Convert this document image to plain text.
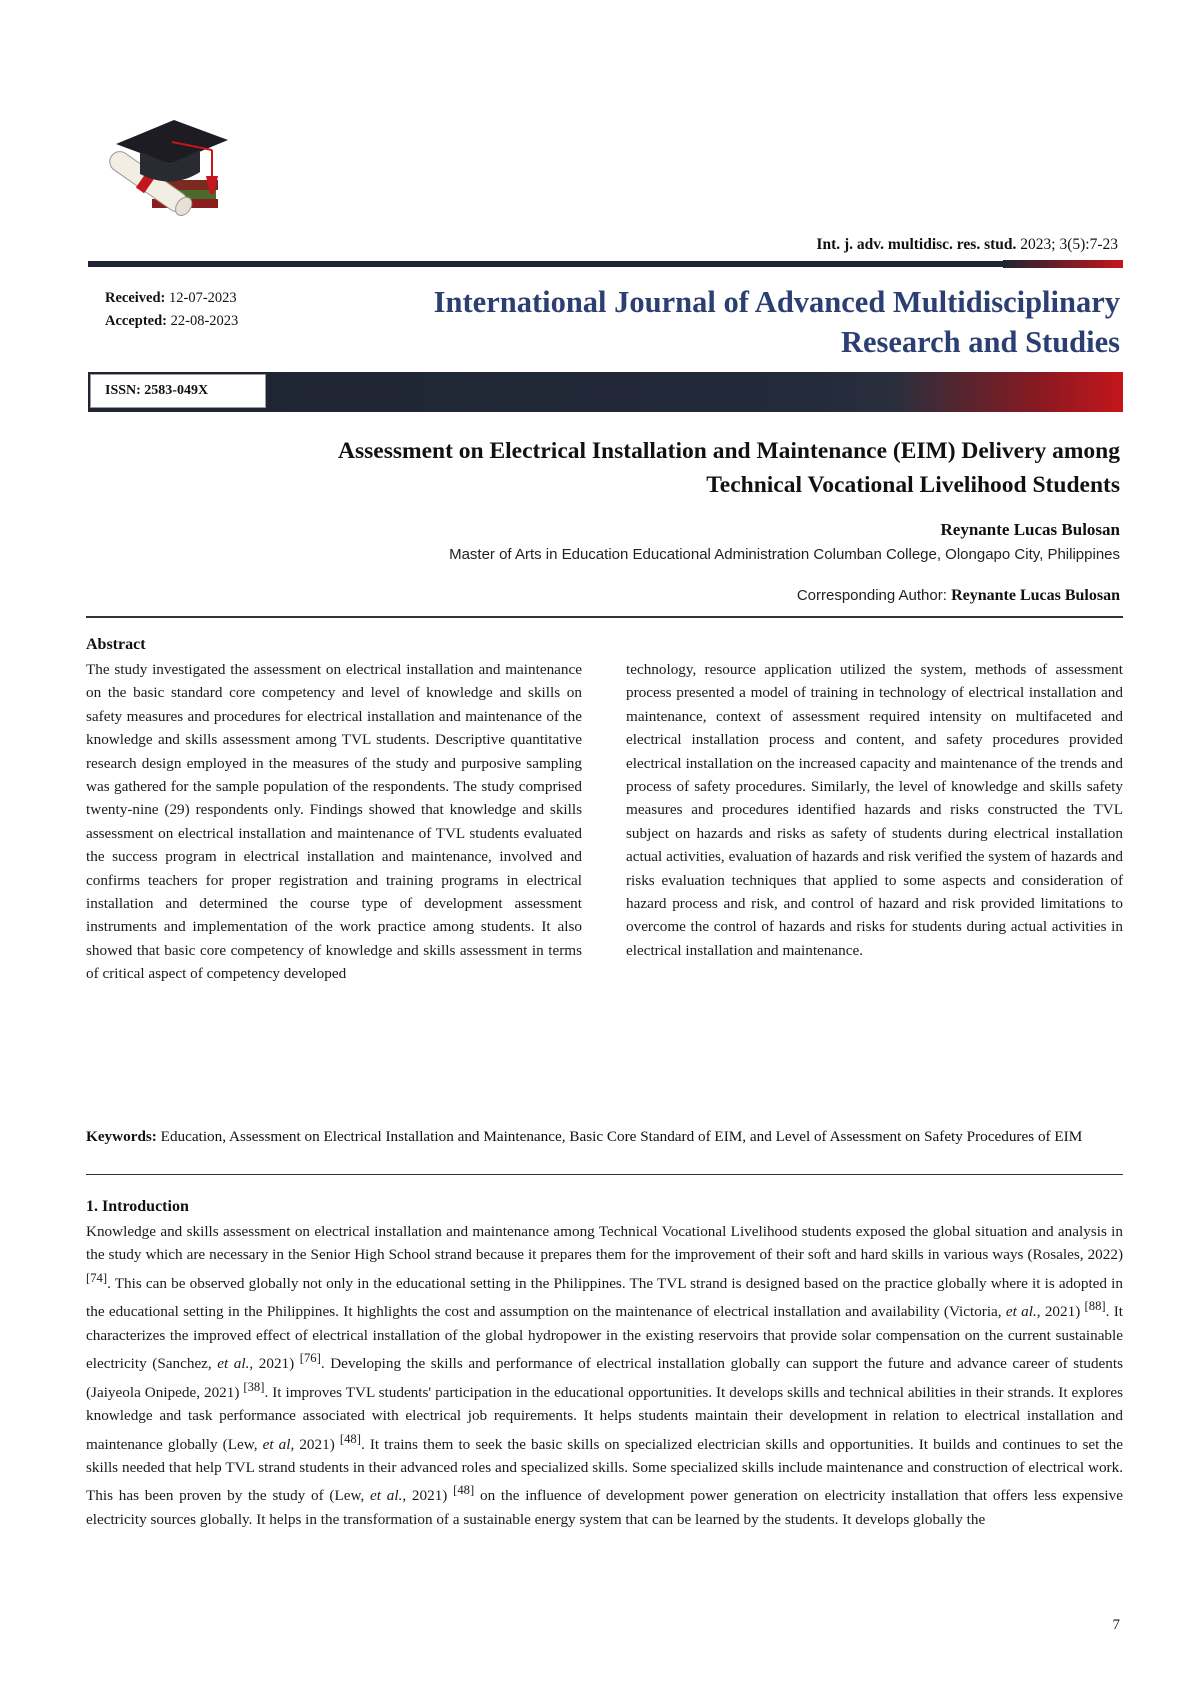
Int. j. adv. multidisc. res. stud. 2023; 3(5):7-23
Received: 12-07-2023
Accepted: 22-08-2023
International Journal of Advanced Multidisciplinary
Research and Studies
ISSN: 2583-049X
Assessment on Electrical Installation and Maintenance (EIM) Delivery among
Technical Vocational Livelihood Students
Reynante Lucas Bulosan
Master of Arts in Education Educational Administration Columban College, Olongapo City, Philippines
Corresponding Author: Reynante Lucas Bulosan
Abstract
The study investigated the assessment on electrical installation and maintenance on the basic standard core competency and level of knowledge and skills on safety measures and procedures for electrical installation and maintenance of the knowledge and skills assessment among TVL students. Descriptive quantitative research design employed in the measures of the study and purposive sampling was gathered for the sample population of the respondents. The study comprised twenty-nine (29) respondents only. Findings showed that knowledge and skills assessment on electrical installation and maintenance of TVL students evaluated the success program in electrical installation and maintenance, involved and confirms teachers for proper registration and training programs in electrical installation and determined the course type of development assessment instruments and implementation of the work practice among students. It also showed that basic core competency of knowledge and skills assessment in terms of critical aspect of competency developed
technology, resource application utilized the system, methods of assessment process presented a model of training in technology of electrical installation and maintenance, context of assessment required intensity on multifaceted and electrical installation process and content, and safety procedures provided electrical installation on the increased capacity and maintenance of the trends and process of safety procedures. Similarly, the level of knowledge and skills safety measures and procedures identified hazards and risks constructed the TVL subject on hazards and risks as safety of students during electrical installation actual activities, evaluation of hazards and risk verified the system of hazards and risks evaluation techniques that applied to some aspects and consideration of hazard process and risk, and control of hazard and risk provided limitations to overcome the control of hazards and risks for students during actual activities in electrical installation and maintenance.
Keywords: Education, Assessment on Electrical Installation and Maintenance, Basic Core Standard of EIM, and Level of Assessment on Safety Procedures of EIM
1. Introduction
Knowledge and skills assessment on electrical installation and maintenance among Technical Vocational Livelihood students exposed the global situation and analysis in the study which are necessary in the Senior High School strand because it prepares them for the improvement of their soft and hard skills in various ways (Rosales, 2022) [74]. This can be observed globally not only in the educational setting in the Philippines. The TVL strand is designed based on the practice globally where it is adopted in the educational setting in the Philippines. It highlights the cost and assumption on the maintenance of electrical installation and availability (Victoria, et al., 2021) [88]. It characterizes the improved effect of electrical installation of the global hydropower in the existing reservoirs that provide solar compensation on the current sustainable electricity (Sanchez, et al., 2021) [76]. Developing the skills and performance of electrical installation globally can support the future and advance career of students (Jaiyeola Onipede, 2021) [38]. It improves TVL students' participation in the educational opportunities. It develops skills and technical abilities in their strands. It explores knowledge and task performance associated with electrical job requirements. It helps students maintain their development in relation to electrical installation and maintenance globally (Lew, et al, 2021) [48]. It trains them to seek the basic skills on specialized electrician skills and opportunities. It builds and continues to set the skills needed that help TVL strand students in their advanced roles and specialized skills. Some specialized skills include maintenance and construction of electrical work. This has been proven by the study of (Lew, et al., 2021) [48] on the influence of development power generation on electricity installation that offers less expensive electricity sources globally. It helps in the transformation of a sustainable energy system that can be learned by the students. It develops globally the
7
